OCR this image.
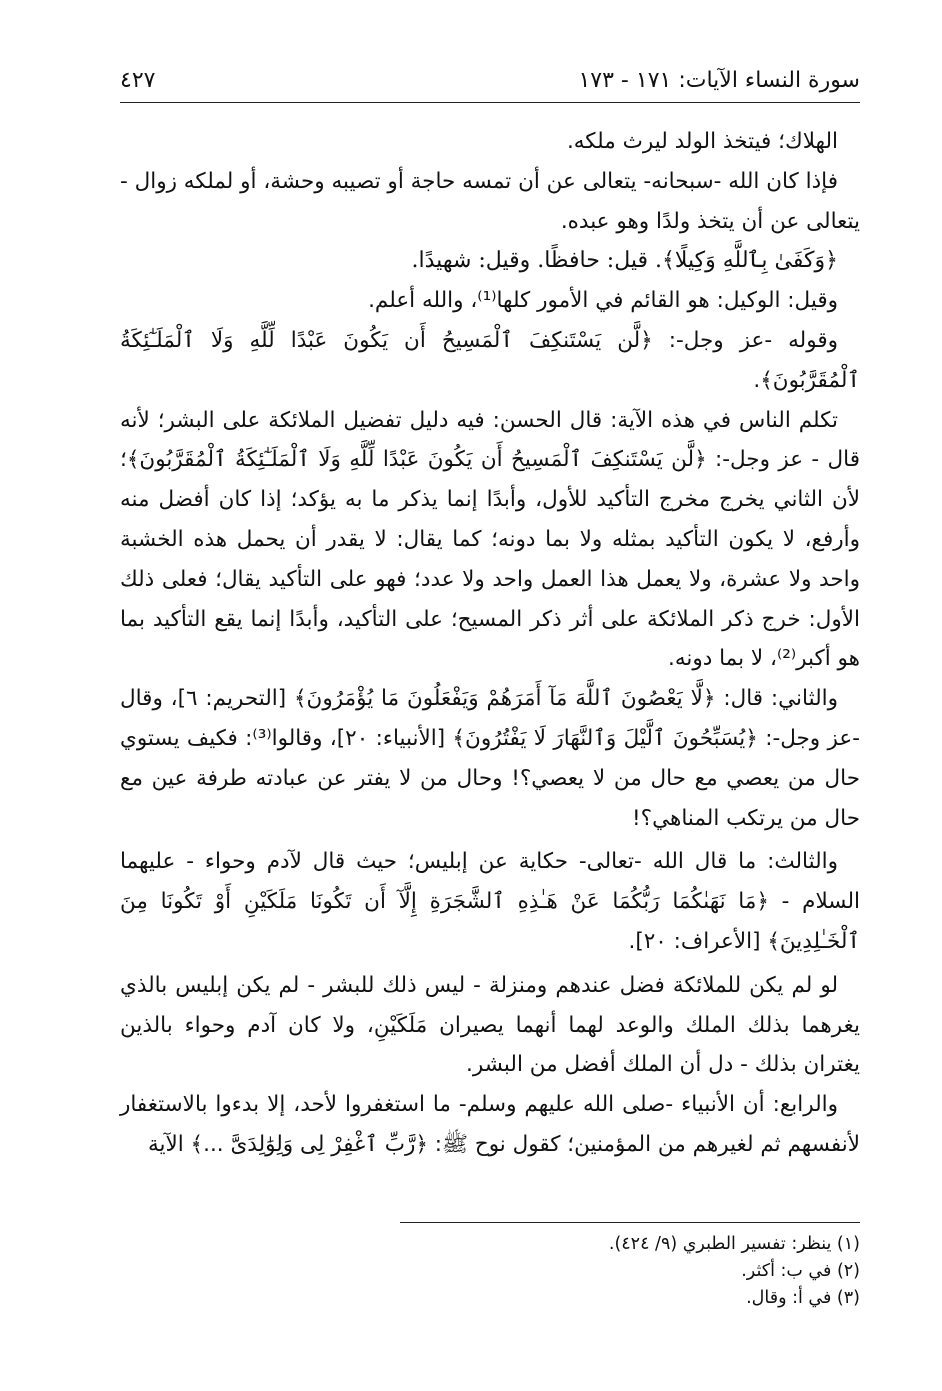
سورة النساء الآيات: ١٧١ - ١٧٣
٤٢٧

الهلاك؛ فيتخذ الولد ليرث ملكه.

فإذا كان الله -سبحانه- يتعالى عن أن تمسه حاجة أو تصيبه وحشة، أو لملكه زوال - يتعالى عن أن يتخذ ولدًا وهو عبده.

﴿وَكَفَىٰ بِٱللَّهِ وَكِيلًا﴾. قيل: حافظًا. وقيل: شهيدًا.

وقيل: الوكيل: هو القائم في الأمور كلها⁽¹⁾، والله أعلم.

وقوله -عز وجل-: ﴿لَّن يَسْتَنكِفَ ٱلْمَسِيحُ أَن يَكُونَ عَبْدًا لِّلَّهِ وَلَا ٱلْمَلَـٰٓئِكَةُ ٱلْمُقَرَّبُونَ﴾.

تكلم الناس في هذه الآية: قال الحسن: فيه دليل تفضيل الملائكة على البشر؛ لأنه قال - عز وجل-: ﴿لَّن يَسْتَنكِفَ ٱلْمَسِيحُ أَن يَكُونَ عَبْدًا لِّلَّهِ وَلَا ٱلْمَلَـٰٓئِكَةُ ٱلْمُقَرَّبُونَ﴾؛ لأن الثاني يخرج مخرج التأكيد للأول، وأبدًا إنما يذكر ما به يؤكد؛ إذا كان أفضل منه وأرفع، لا يكون التأكيد بمثله ولا بما دونه؛ كما يقال: لا يقدر أن يحمل هذه الخشبة واحد ولا عشرة، ولا يعمل هذا العمل واحد ولا عدد؛ فهو على التأكيد يقال؛ فعلى ذلك الأول: خرج ذكر الملائكة على أثر ذكر المسيح؛ على التأكيد، وأبدًا إنما يقع التأكيد بما هو أكبر⁽²⁾، لا بما دونه.

والثاني: قال: ﴿لَّا يَعْصُونَ ٱللَّهَ مَآ أَمَرَهُمْ وَيَفْعَلُونَ مَا يُؤْمَرُونَ﴾ [التحريم: ٦]، وقال -عز وجل-: ﴿يُسَبِّحُونَ ٱلَّيْلَ وَٱلنَّهَارَ لَا يَفْتُرُونَ﴾ [الأنبياء: ٢٠]، وقالوا⁽³⁾: فكيف يستوي حال من يعصي مع حال من لا يعصي؟! وحال من لا يفتر عن عبادته طرفة عين مع حال من يرتكب المناهي؟!

والثالث: ما قال الله -تعالى- حكاية عن إبليس؛ حيث قال لآدم وحواء - عليهما السلام - ﴿مَا نَهَىٰكُمَا رَبُّكُمَا عَنْ هَـٰذِهِ ٱلشَّجَرَةِ إِلَّآ أَن تَكُونَا مَلَكَيْنِ أَوْ تَكُونَا مِنَ ٱلْخَـٰلِدِينَ﴾ [الأعراف: ٢٠].

لو لم يكن للملائكة فضل عندهم ومنزلة - ليس ذلك للبشر - لم يكن إبليس بالذي يغرهما بذلك الملك والوعد لهما أنهما يصيران مَلَكَيْنِ، ولا كان آدم وحواء بالذين يغتران بذلك - دل أن الملك أفضل من البشر.

والرابع: أن الأنبياء -صلى الله عليهم وسلم- ما استغفروا لأحد، إلا بدءوا بالاستغفار لأنفسهم ثم لغيرهم من المؤمنين؛ كقول نوح ﷺ: ﴿رَّبِّ ٱغْفِرْ لِى وَلِوَٰلِدَىَّ ...﴾ الآية

(١) ينظر: تفسير الطبري (٩/ ٤٢٤).
(٢) في ب: أكثر.
(٣) في أ: وقال.
